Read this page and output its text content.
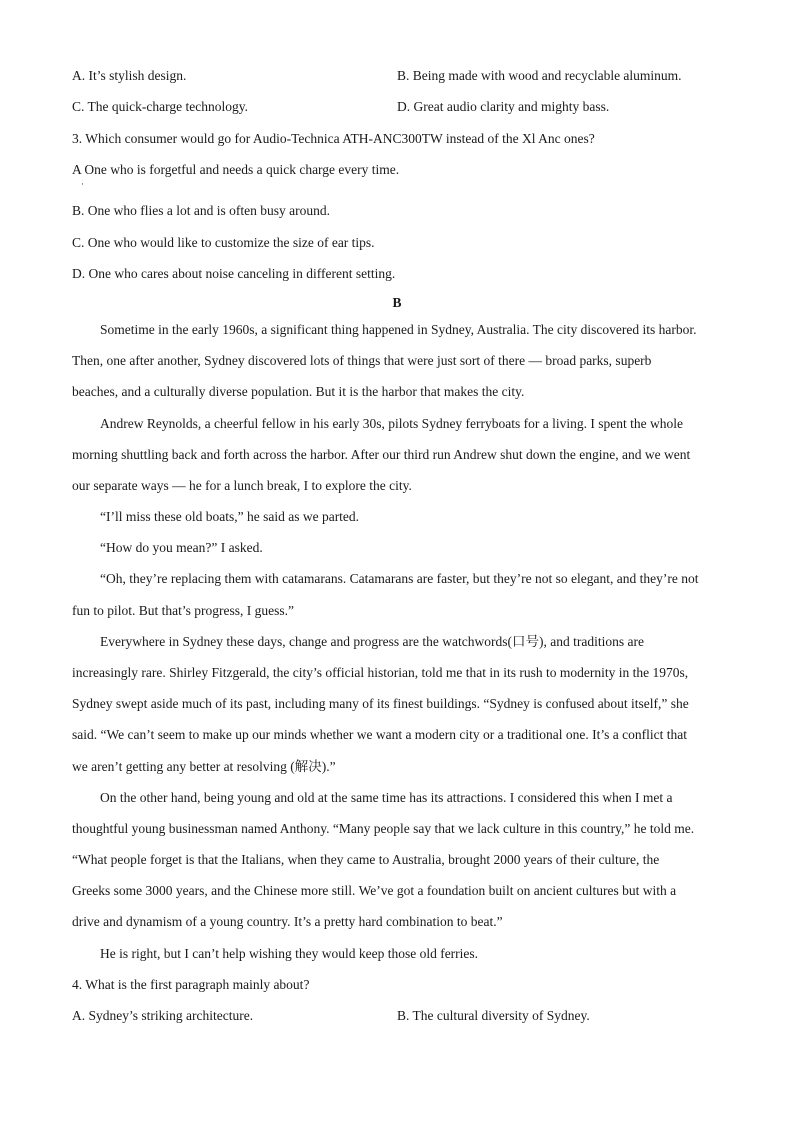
A. It’s stylish design.	B. Being made with wood and recyclable aluminum.
C. The quick-charge technology.	D. Great audio clarity and mighty bass.
3. Which consumer would go for Audio-Technica ATH-ANC300TW instead of the Xl Anc ones?
A One who is forgetful and needs a quick charge every time.
·
B. One who flies a lot and is often busy around.
C. One who would like to customize the size of ear tips.
D. One who cares about noise canceling in different setting.
B
Sometime in the early 1960s, a significant thing happened in Sydney, Australia. The city discovered its harbor.
Then, one after another, Sydney discovered lots of things that were just sort of there — broad parks, superb
beaches, and a culturally diverse population. But it is the harbor that makes the city.
Andrew Reynolds, a cheerful fellow in his early 30s, pilots Sydney ferryboats for a living. I spent the whole
morning shuttling back and forth across the harbor. After our third run Andrew shut down the engine, and we went
our separate ways — he for a lunch break, I to explore the city.
“I’ll miss these old boats,” he said as we parted.
“How do you mean?” I asked.
“Oh, they’re replacing them with catamarans. Catamarans are faster, but they’re not so elegant, and they’re not
fun to pilot. But that’s progress, I guess.”
Everywhere in Sydney these days, change and progress are the watchwords(口号), and traditions are
increasingly rare. Shirley Fitzgerald, the city’s official historian, told me that in its rush to modernity in the 1970s,
Sydney swept aside much of its past, including many of its finest buildings. “Sydney is confused about itself,” she
said. “We can’t seem to make up our minds whether we want a modern city or a traditional one. It’s a conflict that
we aren’t getting any better at resolving (解决).”
On the other hand, being young and old at the same time has its attractions. I considered this when I met a
thoughtful young businessman named Anthony. “Many people say that we lack culture in this country,” he told me.
“What people forget is that the Italians, when they came to Australia, brought 2000 years of their culture, the
Greeks some 3000 years, and the Chinese more still. We’ve got a foundation built on ancient cultures but with a
drive and dynamism of a young country. It’s a pretty hard combination to beat.”
He is right, but I can’t help wishing they would keep those old ferries.
4. What is the first paragraph mainly about?
A. Sydney’s striking architecture.	B. The cultural diversity of Sydney.
